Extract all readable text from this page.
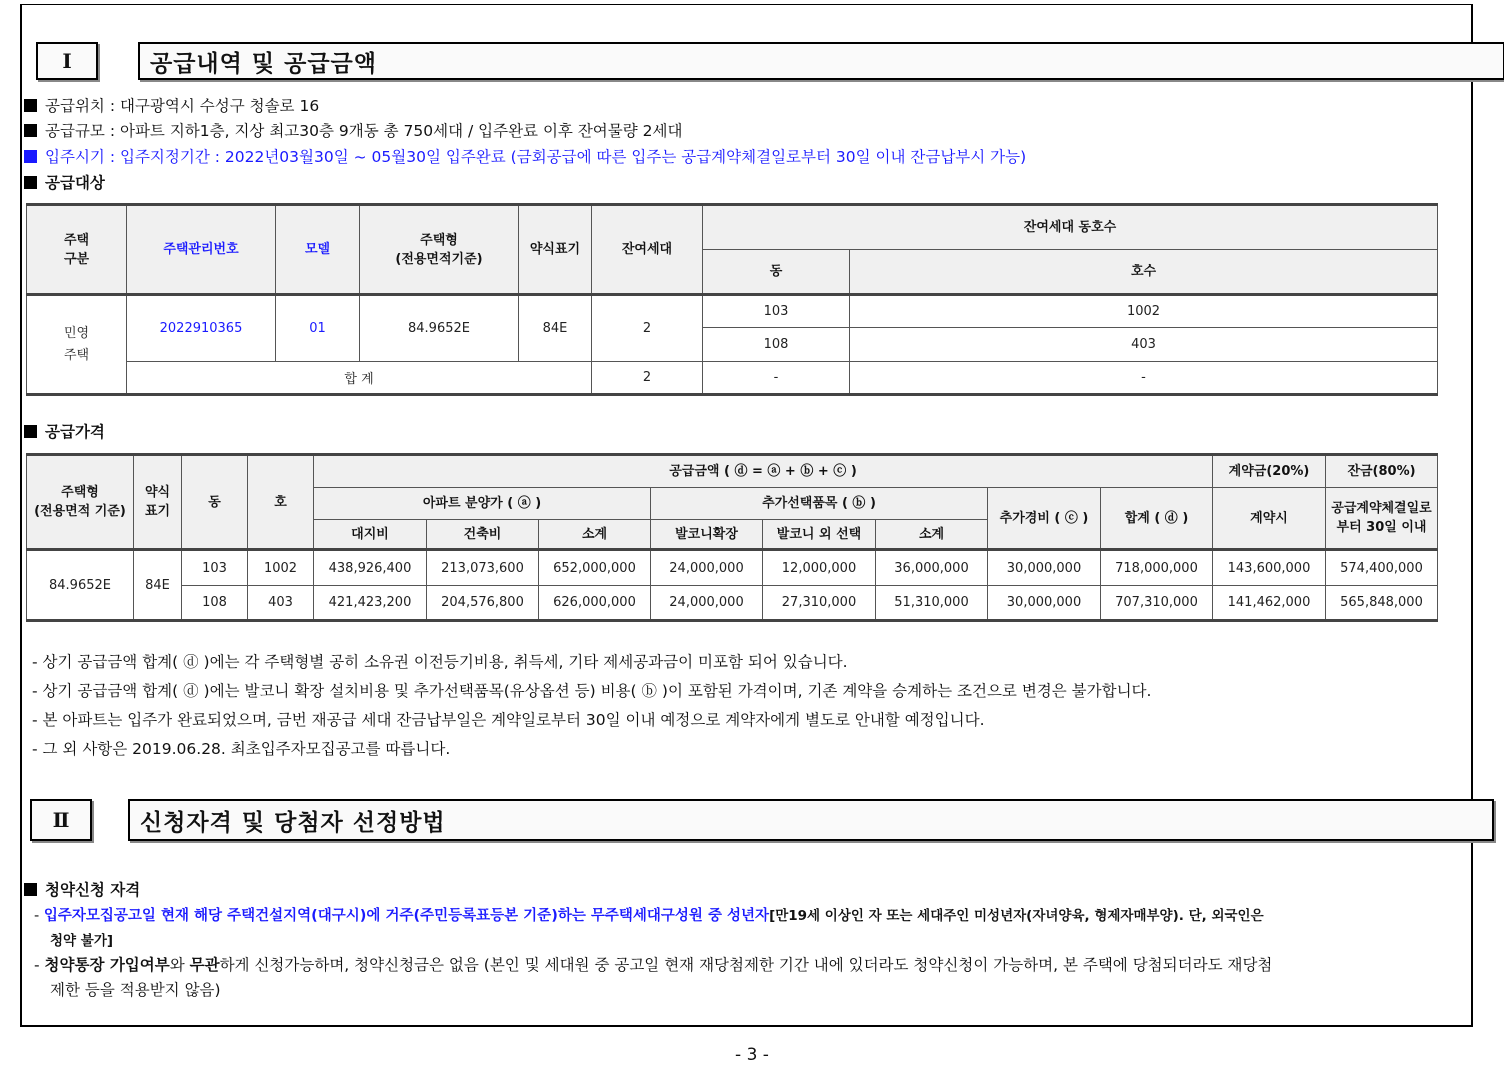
Ⅰ	공급내역 및 공급금액
공급위치 : 대구광역시 수성구 청솔로 16
공급규모 : 아파트 지하1층, 지상 최고30층 9개동 총 750세대 / 입주완료 이후 잔여물량 2세대
입주시기 : 입주지정기간 : 2022년03월30일 ~ 05월30일 입주완료 (금회공급에 따른 입주는 공급계약체결일로부터 30일 이내 잔금납부시 가능)
공급대상
주택
구분	주택관리번호	모델	주택형
(전용면적기준)	약식표기	잔여세대	잔여세대 동호수	
						동	호수
민영
주택	2022910365	01	84.9652E	84E	2	103	1002
						108	403
	합 계				2	-	-
공급가격
주택형
(전용면적 기준)	약식
표기	동	호	공급금액 ( ⓓ = ⓐ + ⓑ + ⓒ )								계약금(20%)	잔금(80%)
				아파트 분양가 ( ⓐ )			추가선택품목 ( ⓑ )			추가경비 ( ⓒ )	합계 ( ⓓ )	계약시	공급계약체결일로
부터 30일 이내
				대지비	건축비	소계	발코니확장	발코니 외 선택	소계				
84.9652E	84E	103	1002	438,926,400	213,073,600	652,000,000	24,000,000	12,000,000	36,000,000	30,000,000	718,000,000	143,600,000	574,400,000
		108	403	421,423,200	204,576,800	626,000,000	24,000,000	27,310,000	51,310,000	30,000,000	707,310,000	141,462,000	565,848,000
- 상기 공급금액 합계( ⓓ )에는 각 주택형별 공히 소유권 이전등기비용, 취득세, 기타 제세공과금이 미포함 되어 있습니다.
- 상기 공급금액 합계( ⓓ )에는 발코니 확장 설치비용 및 추가선택품목(유상옵션 등) 비용( ⓑ )이 포함된 가격이며, 기존 계약을 승계하는 조건으로 변경은 불가합니다.
- 본 아파트는 입주가 완료되었으며, 금번 재공급 세대 잔금납부일은 계약일로부터 30일 이내 예정으로 계약자에게 별도로 안내할 예정입니다.
- 그 외 사항은 2019.06.28. 최초입주자모집공고를 따릅니다.
Ⅱ	신청자격 및 당첨자 선정방법
청약신청 자격
- 입주자모집공고일 현재 해당 주택건설지역(대구시)에 거주(주민등록표등본 기준)하는 무주택세대구성원 중 성년자[만19세 이상인 자 또는 세대주인 미성년자(자녀양육, 형제자매부양). 단, 외국인은
청약 불가]
- 청약통장 가입여부와 무관하게 신청가능하며, 청약신청금은 없음 (본인 및 세대원 중 공고일 현재 재당첨제한 기간 내에 있더라도 청약신청이 가능하며, 본 주택에 당첨되더라도 재당첨
제한 등을 적용받지 않음)
- 3 -
